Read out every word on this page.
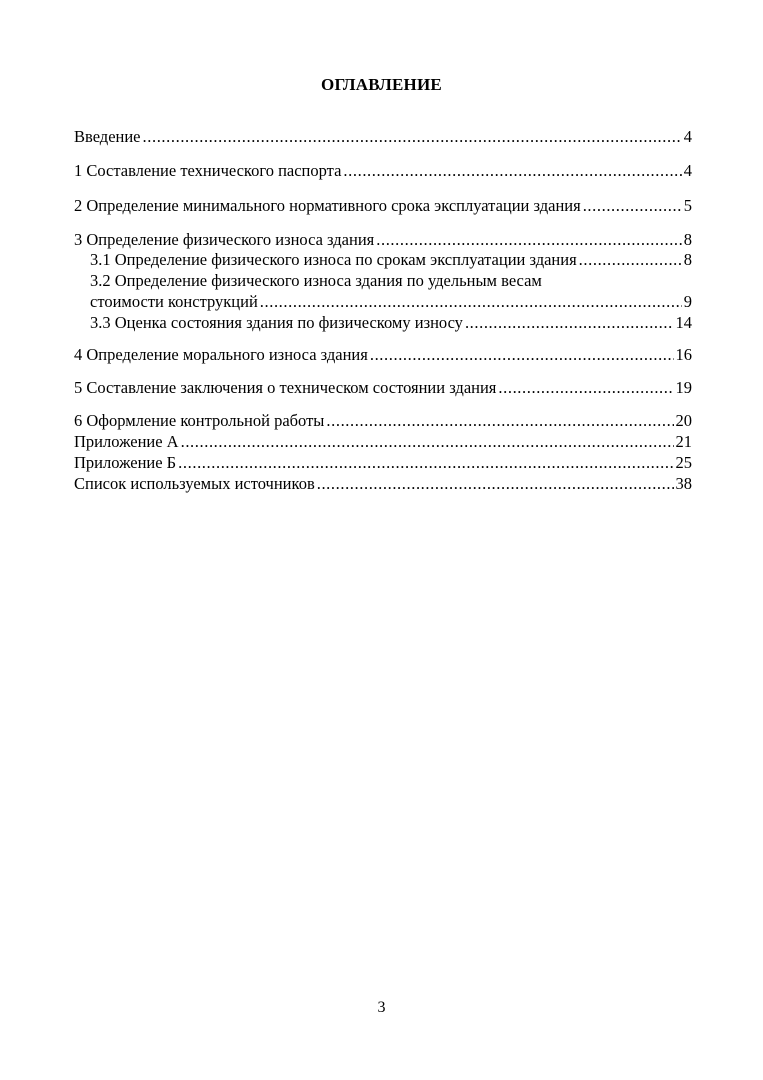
ОГЛАВЛЕНИЕ
Введение .....	4
1 Составление технического паспорта .....	4
2 Определение минимального нормативного срока эксплуатации здания .....	5
3 Определение физического износа здания .....	8
3.1 Определение физического износа по срокам эксплуатации здания .....	8
3.2 Определение физического износа здания по удельным весам
стоимости конструкций .....	9
3.3 Оценка состояния здания по физическому износу .....	14
4 Определение морального износа здания .....	16
5 Составление заключения о техническом состоянии здания .....	19
6 Оформление контрольной работы .....	20
Приложение А .....	21
Приложение Б .....	25
Список используемых источников .....	38
3
